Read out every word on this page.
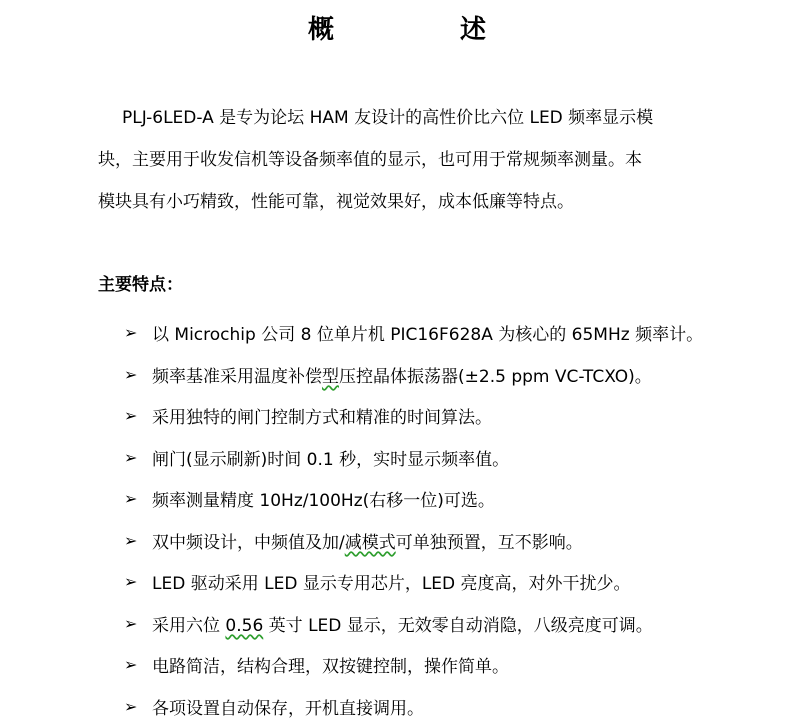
概　述
PLJ-6LED-A 是专为论坛 HAM 友设计的高性价比六位 LED 频率显示模
块，主要用于收发信机等设备频率值的显示，也可用于常规频率测量。本
模块具有小巧精致，性能可靠，视觉效果好，成本低廉等特点。
主要特点：
➢ 以 Microchip 公司 8 位单片机 PIC16F628A 为核心的 65MHz 频率计。
➢ 频率基准采用温度补偿型压控晶体振荡器(±2.5 ppm VC-TCXO)。
➢ 采用独特的闸门控制方式和精准的时间算法。
➢ 闸门(显示刷新)时间 0.1 秒，实时显示频率值。
➢ 频率测量精度 10Hz/100Hz(右移一位)可选。
➢ 双中频设计，中频值及加/减模式可单独预置，互不影响。
➢ LED 驱动采用 LED 显示专用芯片，LED 亮度高，对外干扰少。
➢ 采用六位 0.56 英寸 LED 显示，无效零自动消隐，八级亮度可调。
➢ 电路简洁，结构合理，双按键控制，操作简单。
➢ 各项设置自动保存，开机直接调用。
